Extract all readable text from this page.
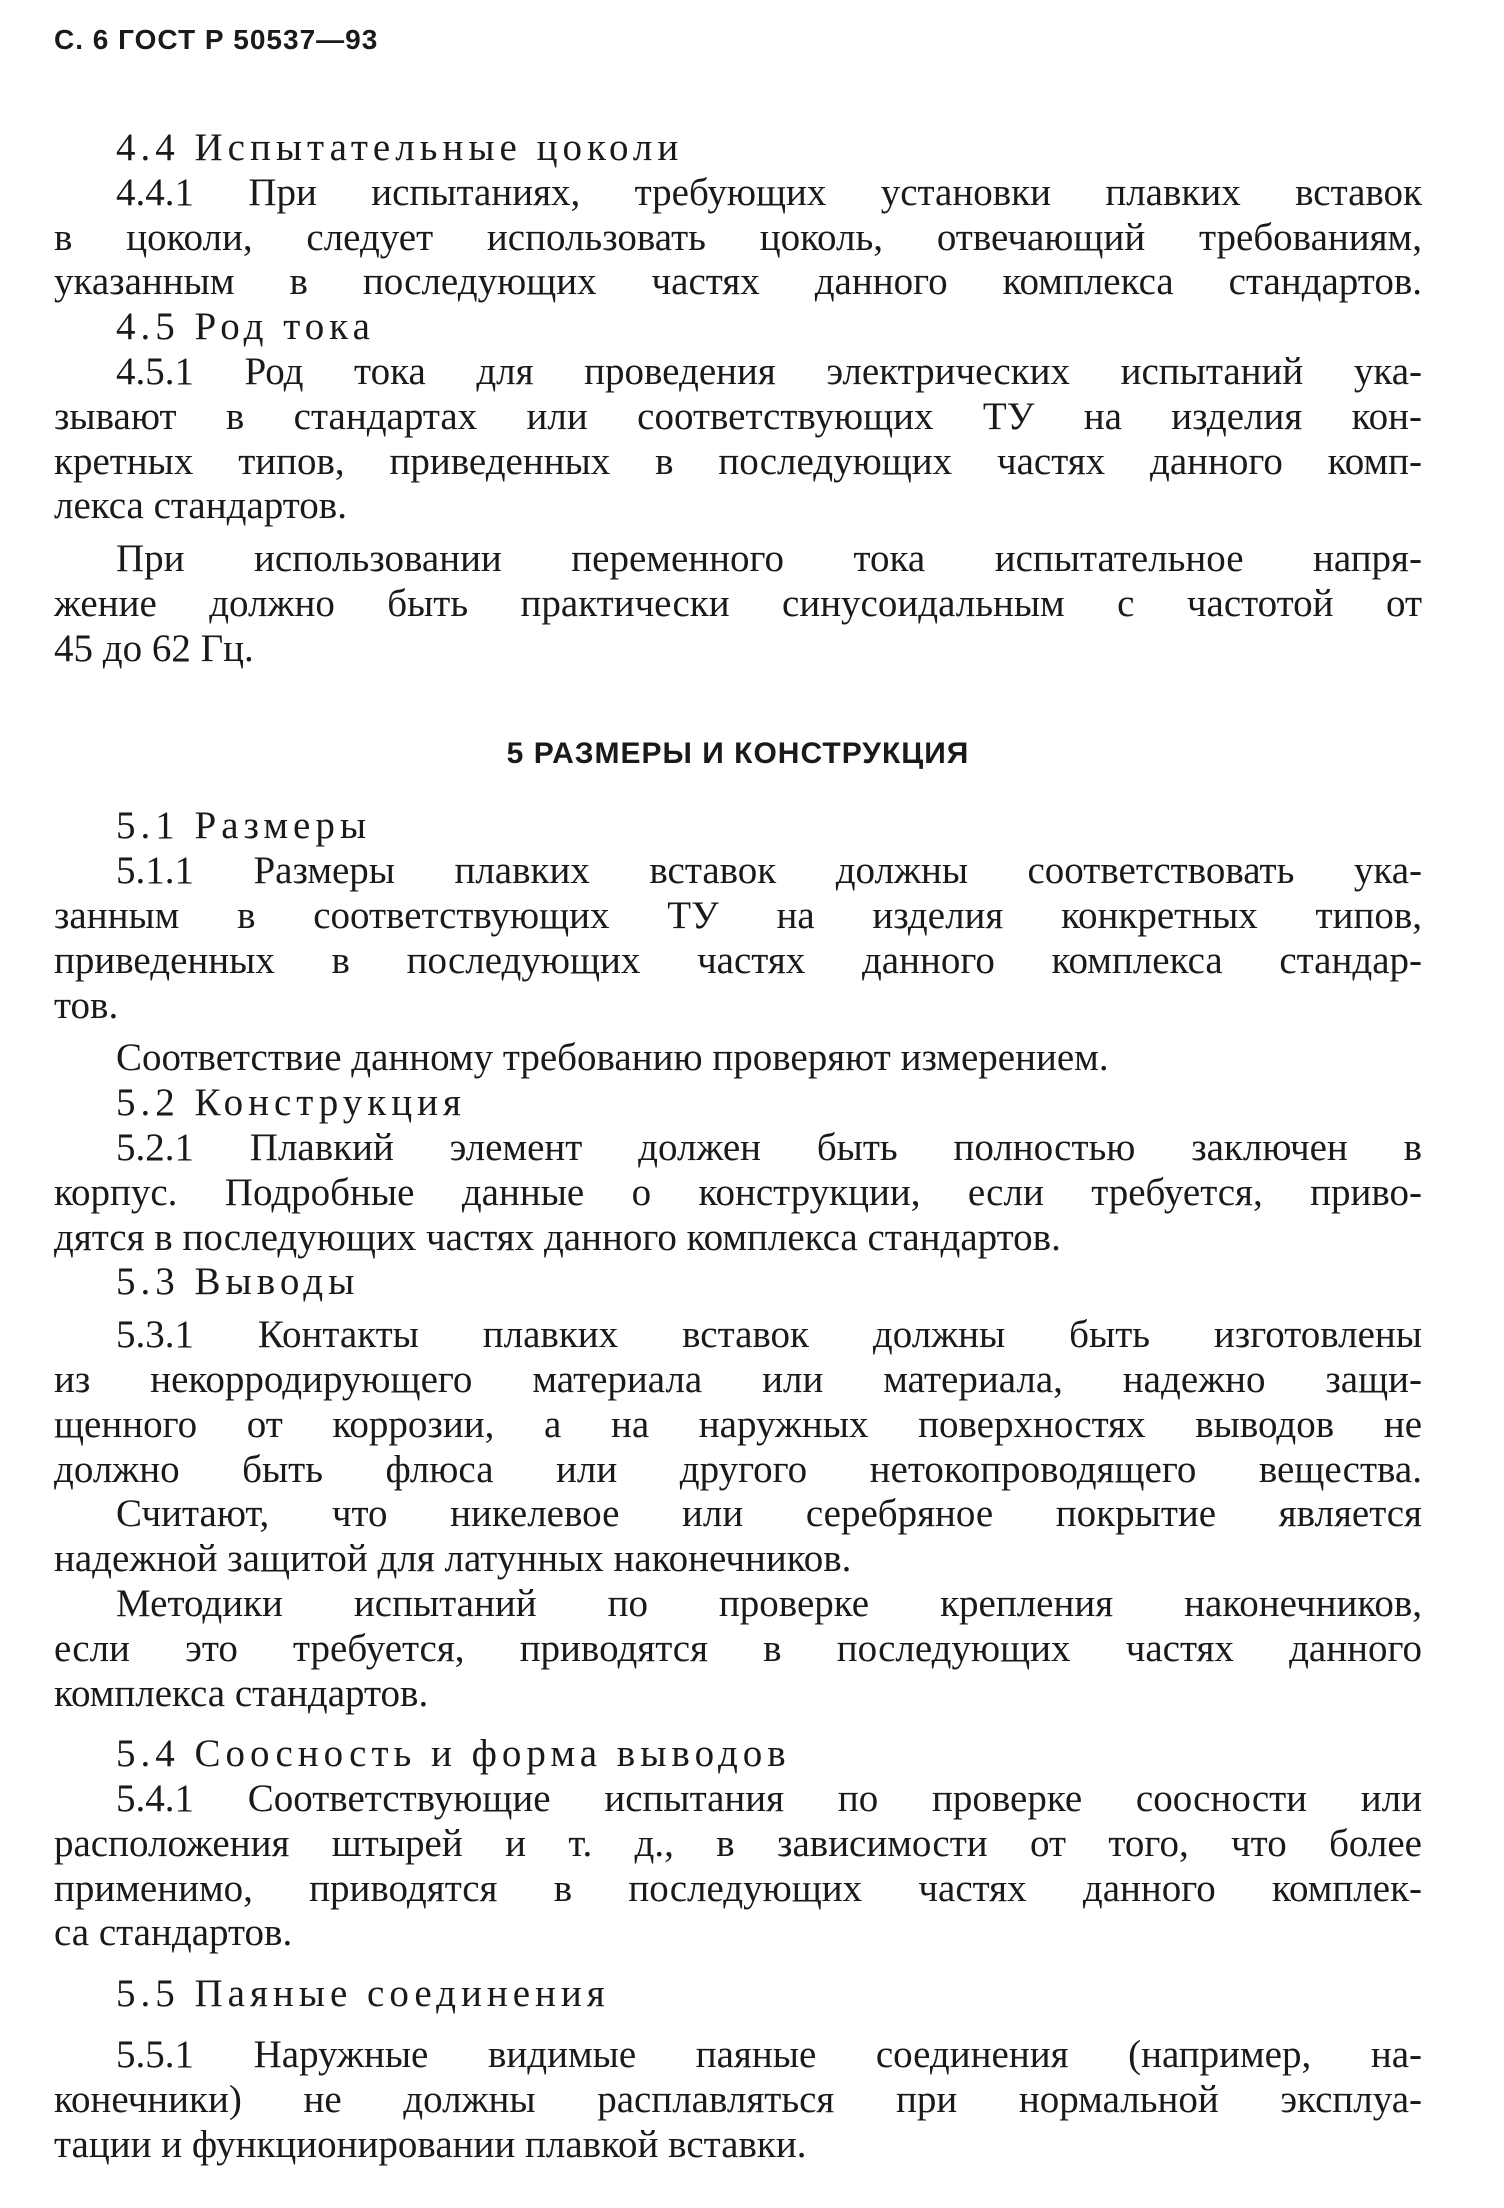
С. 6 ГОСТ Р 50537—93
4.4 Испытательные цоколи
4.4.1 При испытаниях, требующих установки плавких вставок
в цоколи, следует использовать цоколь, отвечающий требованиям,
указанным в последующих частях данного комплекса стандартов.
4.5 Род тока
4.5.1 Род тока для проведения электрических испытаний ука-
зывают в стандартах или соответствующих ТУ на изделия кон-
кретных типов, приведенных в последующих частях данного комп-
лекса стандартов.
При использовании переменного тока испытательное напря-
жение должно быть практически синусоидальным с частотой от
45 до 62 Гц.
5 РАЗМЕРЫ И КОНСТРУКЦИЯ
5.1 Размеры
5.1.1 Размеры плавких вставок должны соответствовать ука-
занным в соответствующих ТУ на изделия конкретных типов,
приведенных в последующих частях данного комплекса стандар-
тов.
Соответствие данному требованию проверяют измерением.
5.2 Конструкция
5.2.1 Плавкий элемент должен быть полностью заключен в
корпус. Подробные данные о конструкции, если требуется, приво-
дятся в последующих частях данного комплекса стандартов.
5.3 Выводы
5.3.1 Контакты плавких вставок должны быть изготовлены
из некорродирующего материала или материала, надежно защи-
щенного от коррозии, а на наружных поверхностях выводов не
должно быть флюса или другого нетокопроводящего вещества.
Считают, что никелевое или серебряное покрытие является
надежной защитой для латунных наконечников.
Методики испытаний по проверке крепления наконечников,
если это требуется, приводятся в последующих частях данного
комплекса стандартов.
5.4 Соосность и форма выводов
5.4.1 Соответствующие испытания по проверке соосности или
расположения штырей и т. д., в зависимости от того, что более
применимо, приводятся в последующих частях данного комплек-
са стандартов.
5.5 Паяные соединения
5.5.1 Наружные видимые паяные соединения (например, на-
конечники) не должны расплавляться при нормальной эксплуа-
тации и функционировании плавкой вставки.
